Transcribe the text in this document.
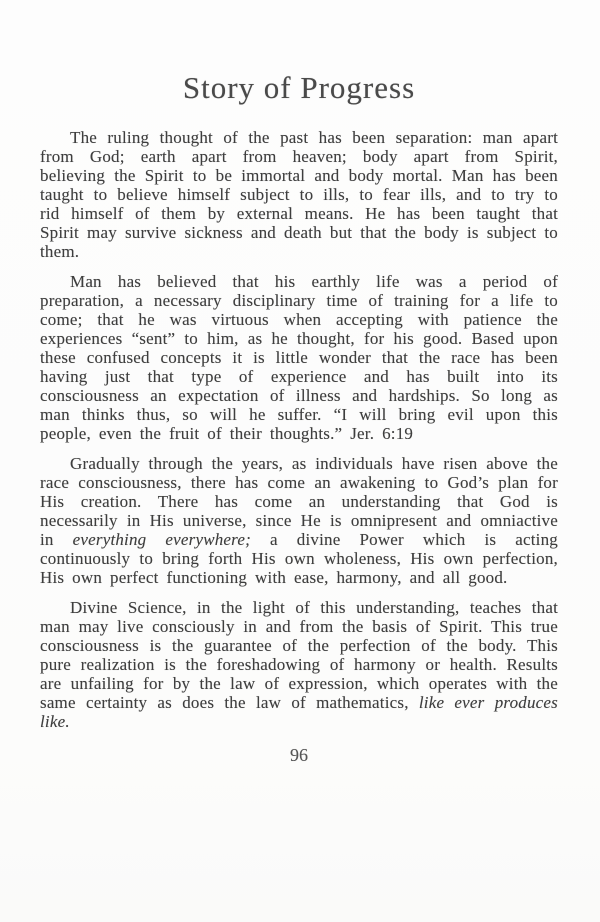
Story of Progress

The ruling thought of the past has been separation: man apart from God; earth apart from heaven; body apart from Spirit, believing the Spirit to be immortal and body mortal. Man has been taught to believe himself subject to ills, to fear ills, and to try to rid himself of them by external means. He has been taught that Spirit may survive sickness and death but that the body is subject to them.

Man has believed that his earthly life was a period of preparation, a necessary disciplinary time of training for a life to come; that he was virtuous when accepting with patience the experiences “sent” to him, as he thought, for his good. Based upon these confused concepts it is little wonder that the race has been having just that type of experience and has built into its consciousness an expectation of illness and hardships. So long as man thinks thus, so will he suffer. “I will bring evil upon this people, even the fruit of their thoughts.” Jer. 6:19

Gradually through the years, as individuals have risen above the race consciousness, there has come an awakening to God’s plan for His creation. There has come an understanding that God is necessarily in His universe, since He is omnipresent and omniactive in everything everywhere; a divine Power which is acting continuously to bring forth His own wholeness, His own perfection, His own perfect functioning with ease, harmony, and all good.

Divine Science, in the light of this understanding, teaches that man may live consciously in and from the basis of Spirit. This true consciousness is the guarantee of the perfection of the body. This pure realization is the foreshadowing of harmony or health. Results are unfailing for by the law of expression, which operates with the same certainty as does the law of mathematics, like ever produces like.

96
